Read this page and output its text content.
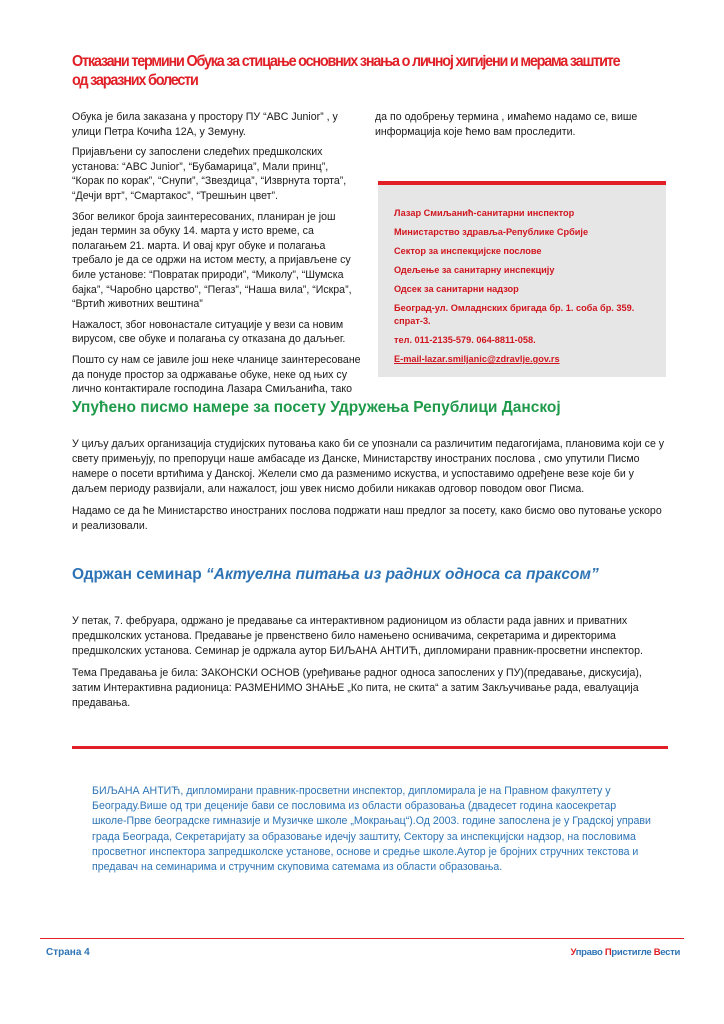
Отказани термини Обука за стицање основних знања о личној хигијени и мерама заштите од заразних болести

Обука је била заказана у простору ПУ “ABC Junior” , у улици Петра Кочића 12А, у Земуну.

Пријављени су запослени следећих предшколских установа: “ABC Junior”, “Бубамарица”, Мали принц”, “Корак по корак”, “Снупи”, “Звездица”, “Изврнута торта”, “Дечји врт”, “Смартакос”, “Трешњин цвет”.

Због великог броја заинтересованих, планиран је још један термин за обуку 14. марта у исто време, са полагањем 21. марта. И овај круг обуке и полагања требало је да се одржи на истом месту, а пријављене су биле установе: “Повратак природи”, “Миколу”, “Шумска бајка”, “Чаробно царство”, “Пегаз”, “Наша вила”, “Искра”, “Вртић животних вештина”

Нажалост, због новонастале ситуације у вези са новим вирусом, све обуке и полагања су отказана до даљњег.

Пошто су нам се јавиле још неке чланице заинтересоване да понуде простор за одржавање обуке, неке од њих су лично контактирале господина Лазара Смиљанића, тако

да по одобрењу термина , имаћемо надамо се, више информација које ћемо вам проследити.

Лазар Смиљанић-санитарни инспектор

Министарство здравља-Републике Србије

Сектор за инспекцијске послове

Одељење за санитарну инспекцију

Одсек за санитарни надзор

Београд-ул. Омладнских бригада бр. 1. соба бр. 359. спрат-3.

тел. 011-2135-579. 064-8811-058.

E-mail-lazar.smiljanic@zdravlje.gov.rs

Упућено писмо намере за посету Удружења Републици Данској

У циљу даљих организација студијских путовања како би се упознали са различитим педагогијама, плановима који се у свету примењују, по препоруци наше амбасаде из Данске, Министарству иностраних послова , смо упутили Писмо намере о посети вртићима у Данској. Желели смо да разменимо искуства, и успоставимо одређене везе које би у даљем периоду развијали, али нажалост, још увек нисмо добили никакав одговор поводом овог Писма.

Надамо се да ће Министарство иностраних послова подржати наш предлог за посету, како бисмо ово путовање ускоро и реализовали.

Одржан семинар “Актуелна питања из радних односа са праксом”

У петак, 7. фебруара, одржано је предавање са интерактивном радионицом из области рада јавних и приватних предшколских установа. Предавање је првенствено било намењено оснивачима, секретарима и директорима предшколских установа. Семинар је одржала аутор БИЉАНА АНТИЋ, дипломирани правник-просветни инспектор.

Тема Предавања је била: ЗАКОНСКИ ОСНОВ (уређивање радног односа запослених у ПУ)(предавање, дискусија), затим Интерактивна радионица: РАЗМЕНИМО ЗНАЊЕ „Ко пита, не скита“ а затим Закључивање рада, евалуација предавања.

БИЉАНА АНТИЋ, дипломирани правник-просветни инспектор, дипломирала је на Правном факултету у Београду.Више од три деценије бави се пословима из области образовања (двадесет година каосекретар школе-Прве београдске гимназије и Музичке школе „Мокрањац“).Од 2003. године запослена је у Градској управи града Београда, Секретаријату за образовање идечју заштиту, Сектору за инспекцијски надзор, на пословима просветног инспектора запредшколске установе, основе и средње школе.Аутор је бројних стручних текстова и предавач на семинарима и стручним скуповима сатемама из области образовања.

Страна 4	Управо Пристигле Вести
